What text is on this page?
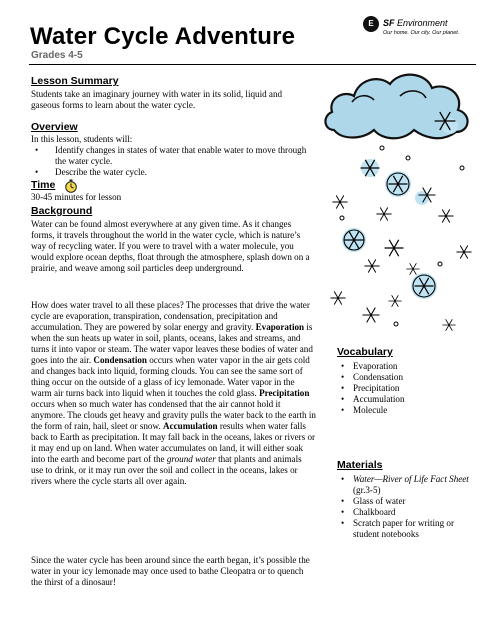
Water Cycle Adventure
Grades 4-5
E	SF Environment
Our home. Our city. Our planet.
Lesson Summary
Students take an imaginary journey with water in its solid, liquid and gaseous forms to learn about the water cycle.
Overview
In this lesson, students will:
• Identify changes in states of water that enable water to move through the water cycle.
• Describe the water cycle.
Time
30-45 minutes for lesson
Background
Water can be found almost everywhere at any given time. As it changes forms, it travels throughout the world in the water cycle, which is nature’s way of recycling water. If you were to travel with a water molecule, you would explore ocean depths, float through the atmosphere, splash down on a prairie, and weave among soil particles deep underground.
How does water travel to all these places? The processes that drive the water cycle are evaporation, transpiration, condensation, precipitation and accumulation. They are powered by solar energy and gravity. Evaporation is when the sun heats up water in soil, plants, oceans, lakes and streams, and turns it into vapor or steam. The water vapor leaves these bodies of water and goes into the air. Condensation occurs when water vapor in the air gets cold and changes back into liquid, forming clouds. You can see the same sort of thing occur on the outside of a glass of icy lemonade. Water vapor in the warm air turns back into liquid when it touches the cold glass. Precipitation occurs when so much water has condensed that the air cannot hold it anymore. The clouds get heavy and gravity pulls the water back to the earth in the form of rain, hail, sleet or snow. Accumulation results when water falls back to Earth as precipitation. It may fall back in the oceans, lakes or rivers or it may end up on land. When water accumulates on land, it will either soak into the earth and become part of the ground water that plants and animals use to drink, or it may run over the soil and collect in the oceans, lakes or rivers where the cycle starts all over again.
Since the water cycle has been around since the earth began, it’s possible the water in your icy lemonade may once used to bathe Cleopatra or to quench the thirst of a dinosaur!
Vocabulary
• Evaporation
• Condensation
• Precipitation
• Accumulation
• Molecule
Materials
• Water—River of Life Fact Sheet (gr.3-5)
• Glass of water
• Chalkboard
• Scratch paper for writing or student notebooks
